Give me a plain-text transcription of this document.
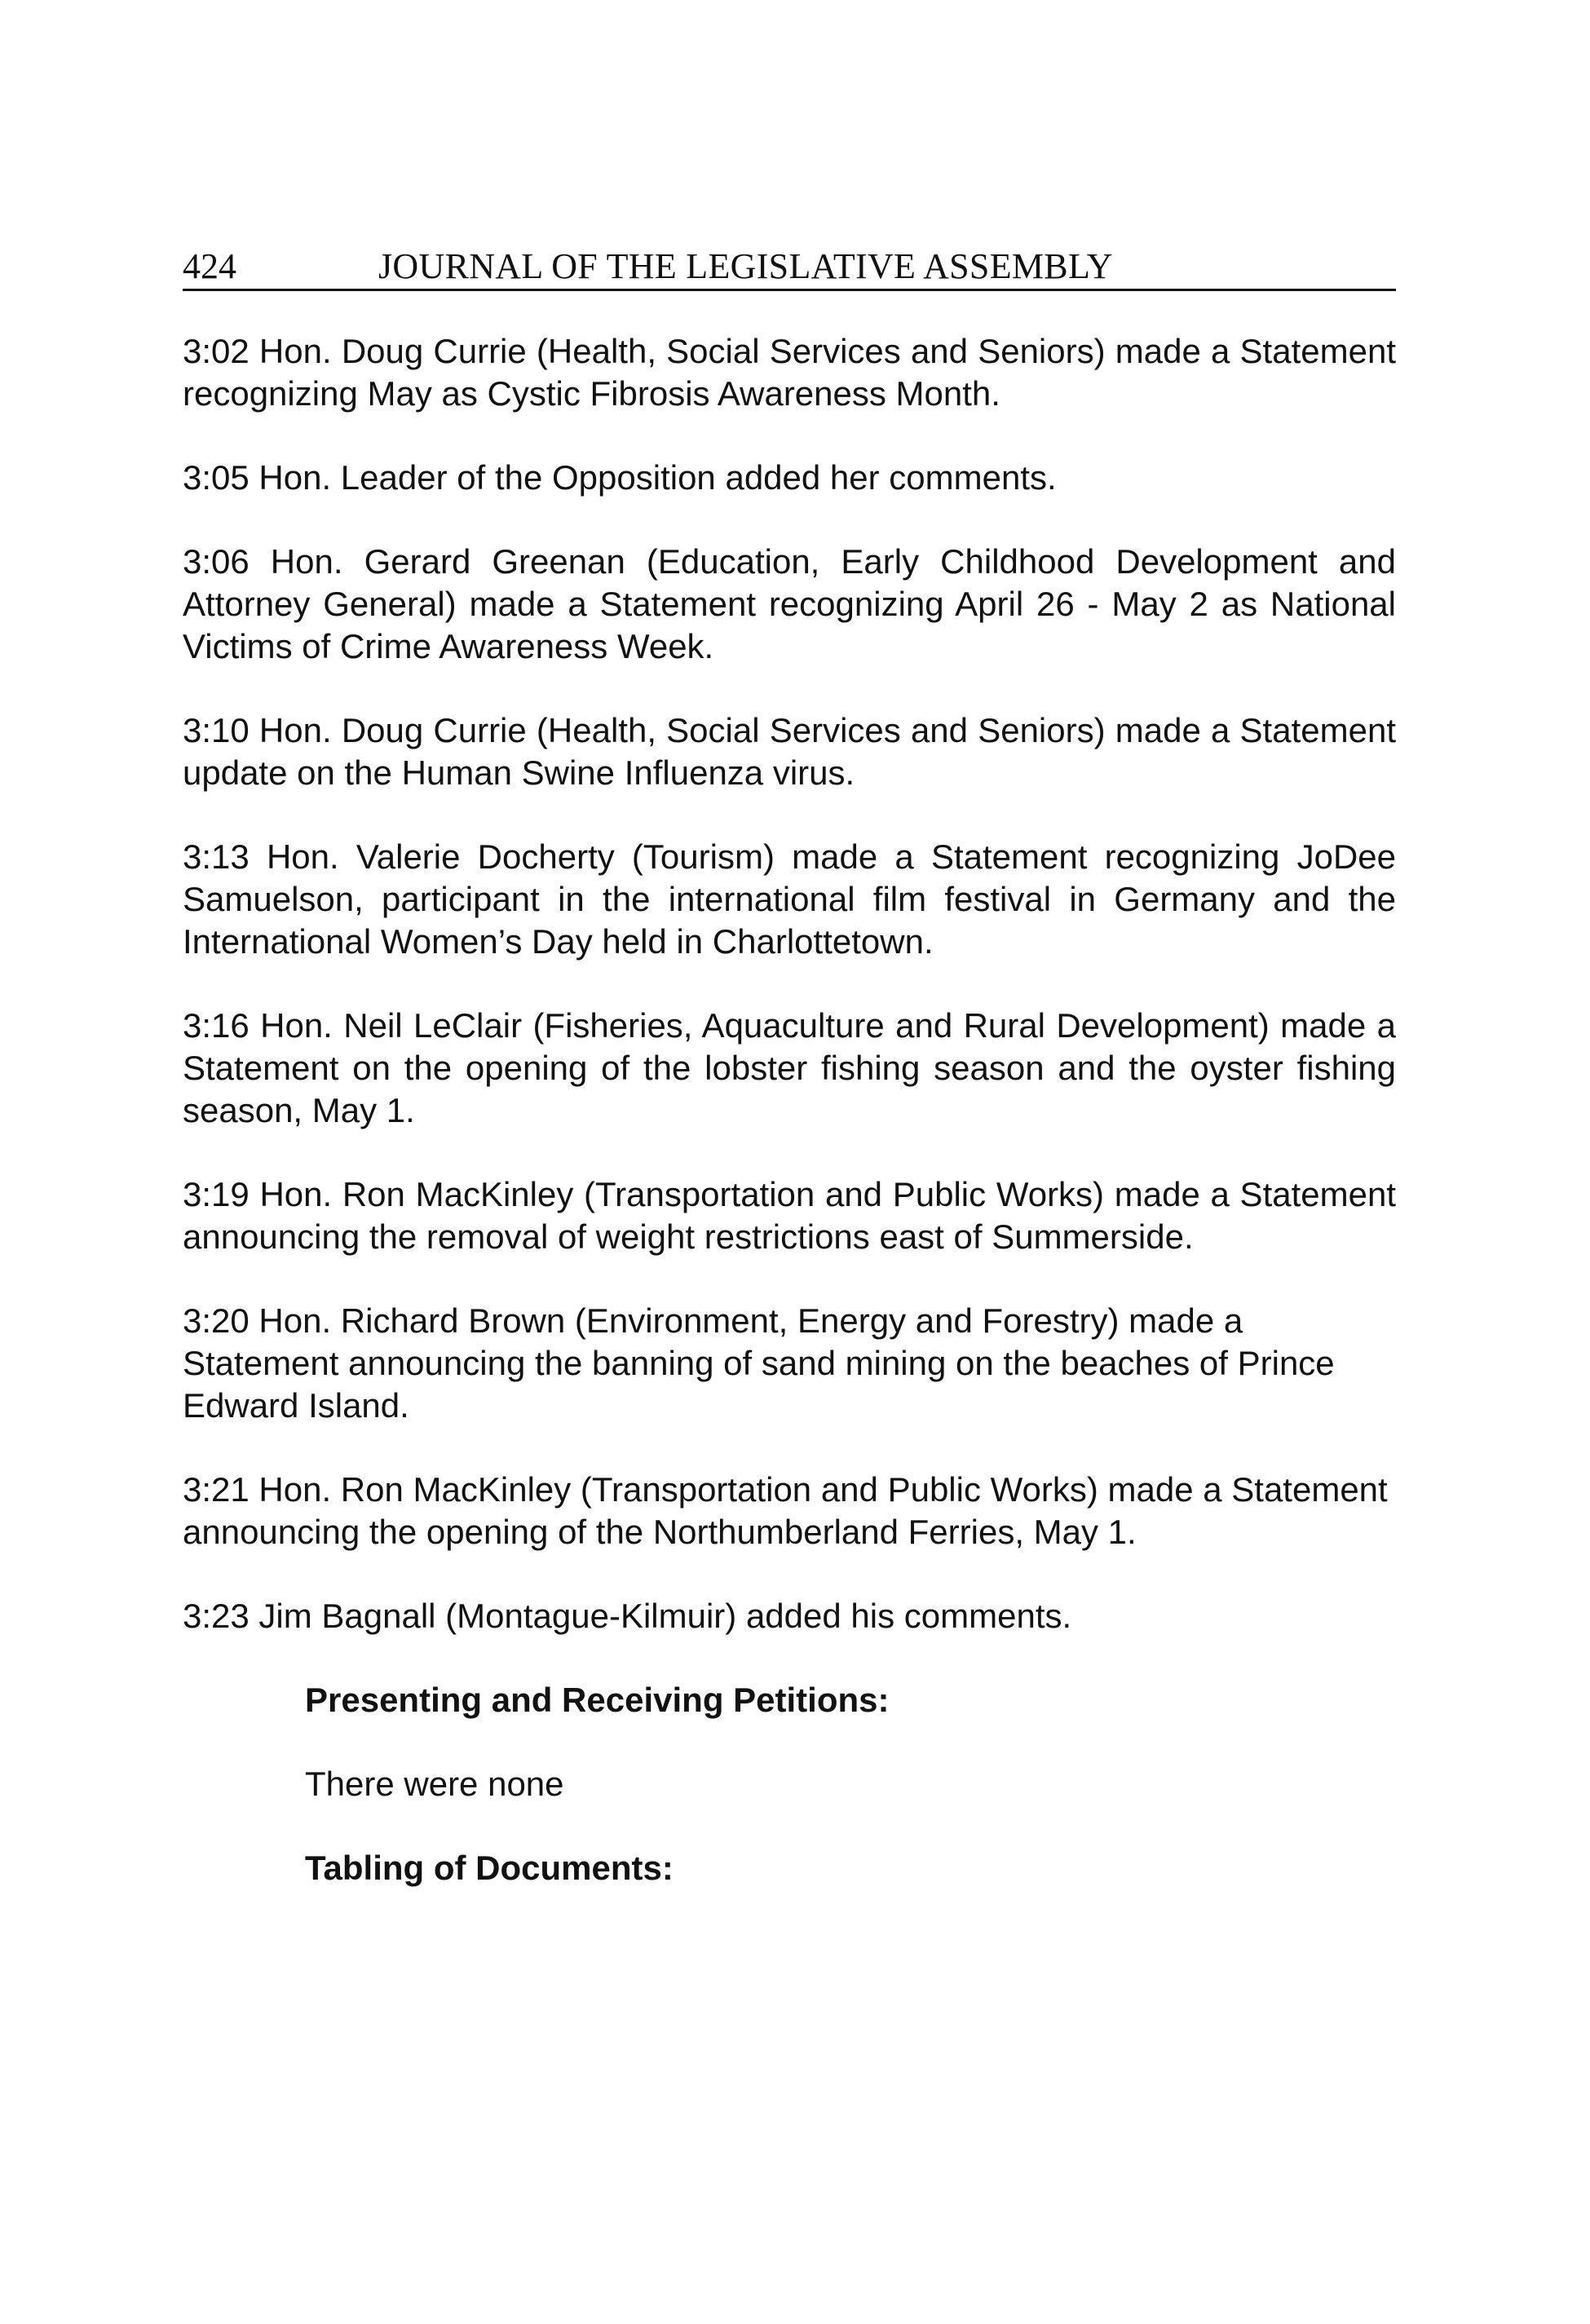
424	JOURNAL OF THE LEGISLATIVE ASSEMBLY

3:02 Hon. Doug Currie (Health, Social Services and Seniors) made a Statement recognizing May as Cystic Fibrosis Awareness Month.

3:05 Hon. Leader of the Opposition added her comments.

3:06 Hon. Gerard Greenan (Education, Early Childhood Development and Attorney General) made a Statement recognizing April 26 - May 2 as National Victims of Crime Awareness Week.

3:10 Hon. Doug Currie (Health, Social Services and Seniors) made a Statement update on the Human Swine Influenza virus.

3:13 Hon. Valerie Docherty (Tourism) made a Statement recognizing JoDee Samuelson, participant in the international film festival in Germany and the International Women’s Day held in Charlottetown.

3:16 Hon. Neil LeClair (Fisheries, Aquaculture and Rural Development) made a Statement on the opening of the lobster fishing season and the oyster fishing season, May 1.

3:19 Hon. Ron MacKinley (Transportation and Public Works) made a Statement announcing the removal of weight restrictions east of Summerside.

3:20 Hon. Richard Brown (Environment, Energy and Forestry) made a Statement announcing the banning of sand mining on the beaches of Prince Edward Island.

3:21 Hon. Ron MacKinley (Transportation and Public Works) made a Statement announcing the opening of the Northumberland Ferries, May 1.

3:23 Jim Bagnall (Montague-Kilmuir) added his comments.

Presenting and Receiving Petitions:

There were none

Tabling of Documents:
